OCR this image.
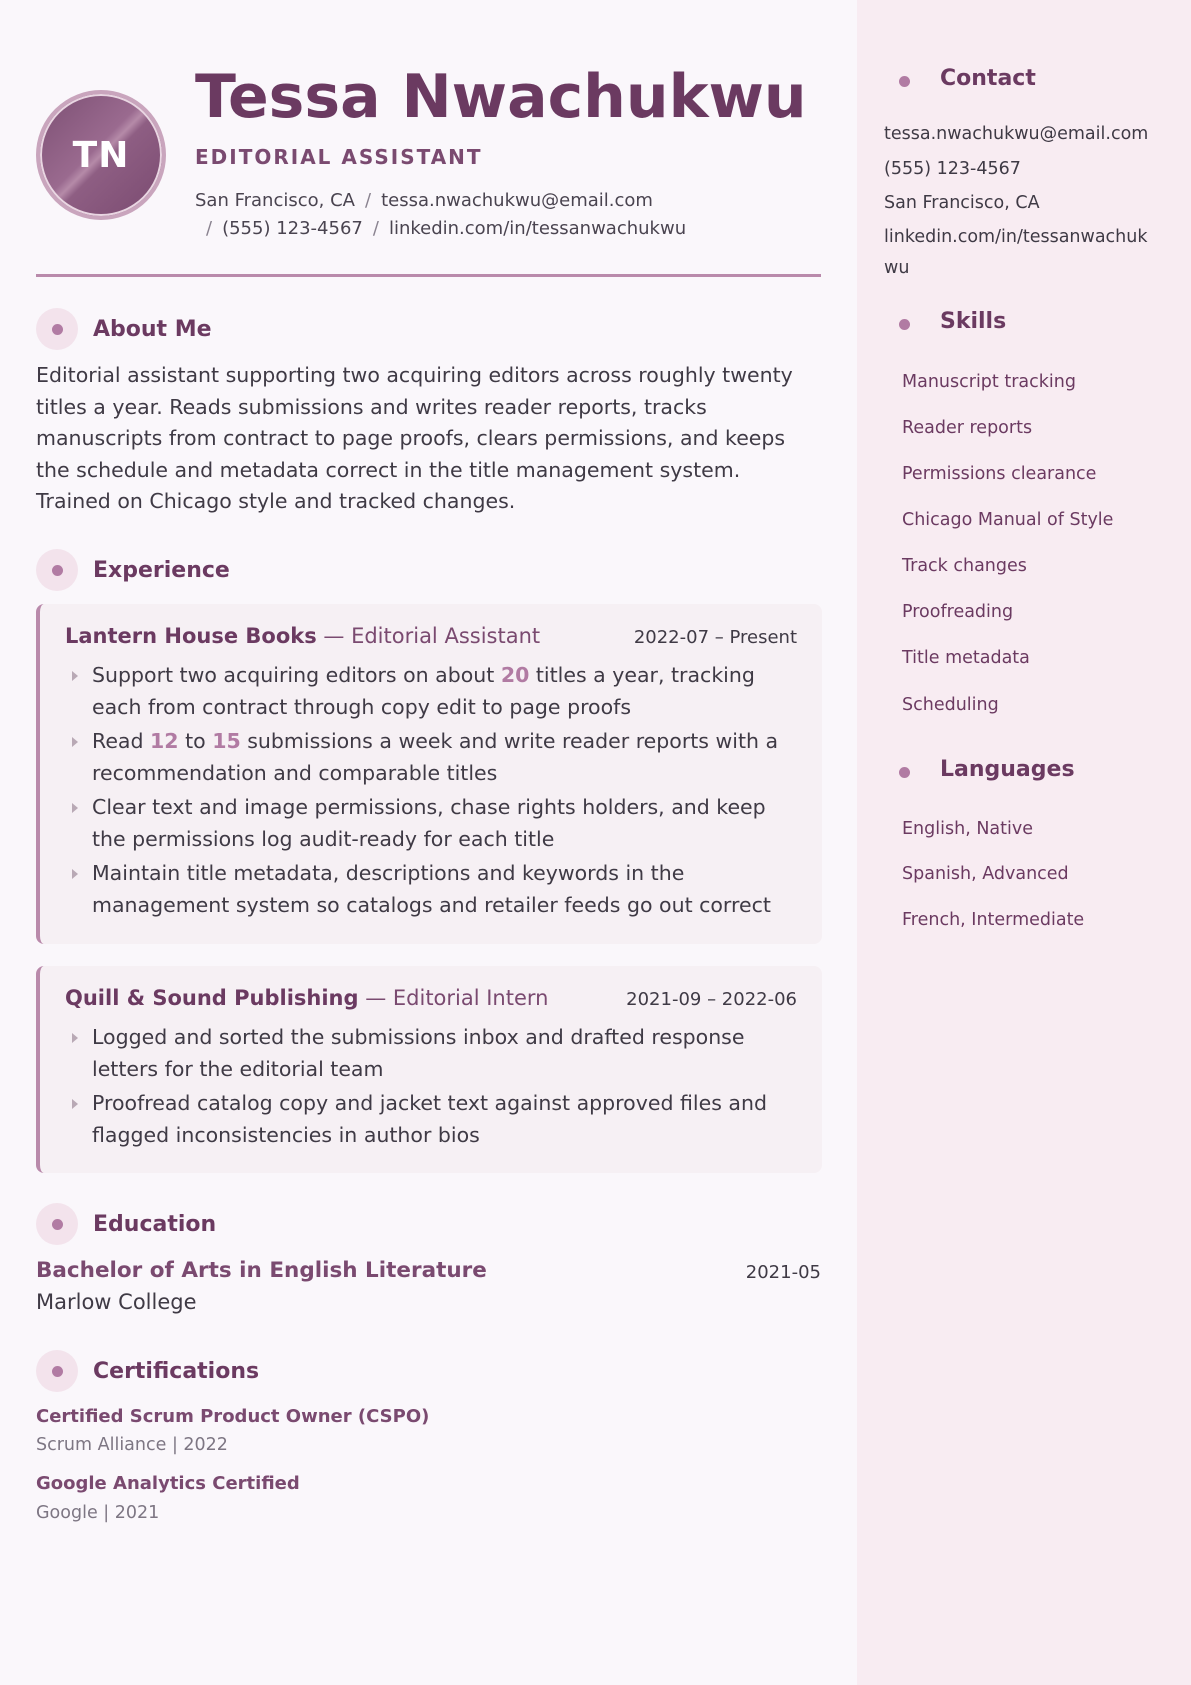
TN
Tessa Nwachukwu
EDITORIAL ASSISTANT
San Francisco, CA / tessa.nwachukwu@email.com
/ (555) 123-4567 / linkedin.com/in/tessanwachukwu
About Me
Editorial assistant supporting two acquiring editors across roughly twenty titles a year. Reads submissions and writes reader reports, tracks manuscripts from contract to page proofs, clears permissions, and keeps the schedule and metadata correct in the title management system. Trained on Chicago style and tracked changes.
Experience
Lantern House Books — Editorial Assistant	2022-07 – Present
Support two acquiring editors on about 20 titles a year, tracking each from contract through copy edit to page proofs
Read 12 to 15 submissions a week and write reader reports with a recommendation and comparable titles
Clear text and image permissions, chase rights holders, and keep the permissions log audit-ready for each title
Maintain title metadata, descriptions and keywords in the management system so catalogs and retailer feeds go out correct
Quill & Sound Publishing — Editorial Intern	2021-09 – 2022-06
Logged and sorted the submissions inbox and drafted response letters for the editorial team
Proofread catalog copy and jacket text against approved files and flagged inconsistencies in author bios
Education
Bachelor of Arts in English Literature	2021-05
Marlow College
Certifications
Certified Scrum Product Owner (CSPO)
Scrum Alliance | 2022
Google Analytics Certified
Google | 2021
Contact
tessa.nwachukwu@email.com
(555) 123-4567
San Francisco, CA
linkedin.com/in/tessanwachukwu
Skills
Manuscript tracking
Reader reports
Permissions clearance
Chicago Manual of Style
Track changes
Proofreading
Title metadata
Scheduling
Languages
English, Native
Spanish, Advanced
French, Intermediate
